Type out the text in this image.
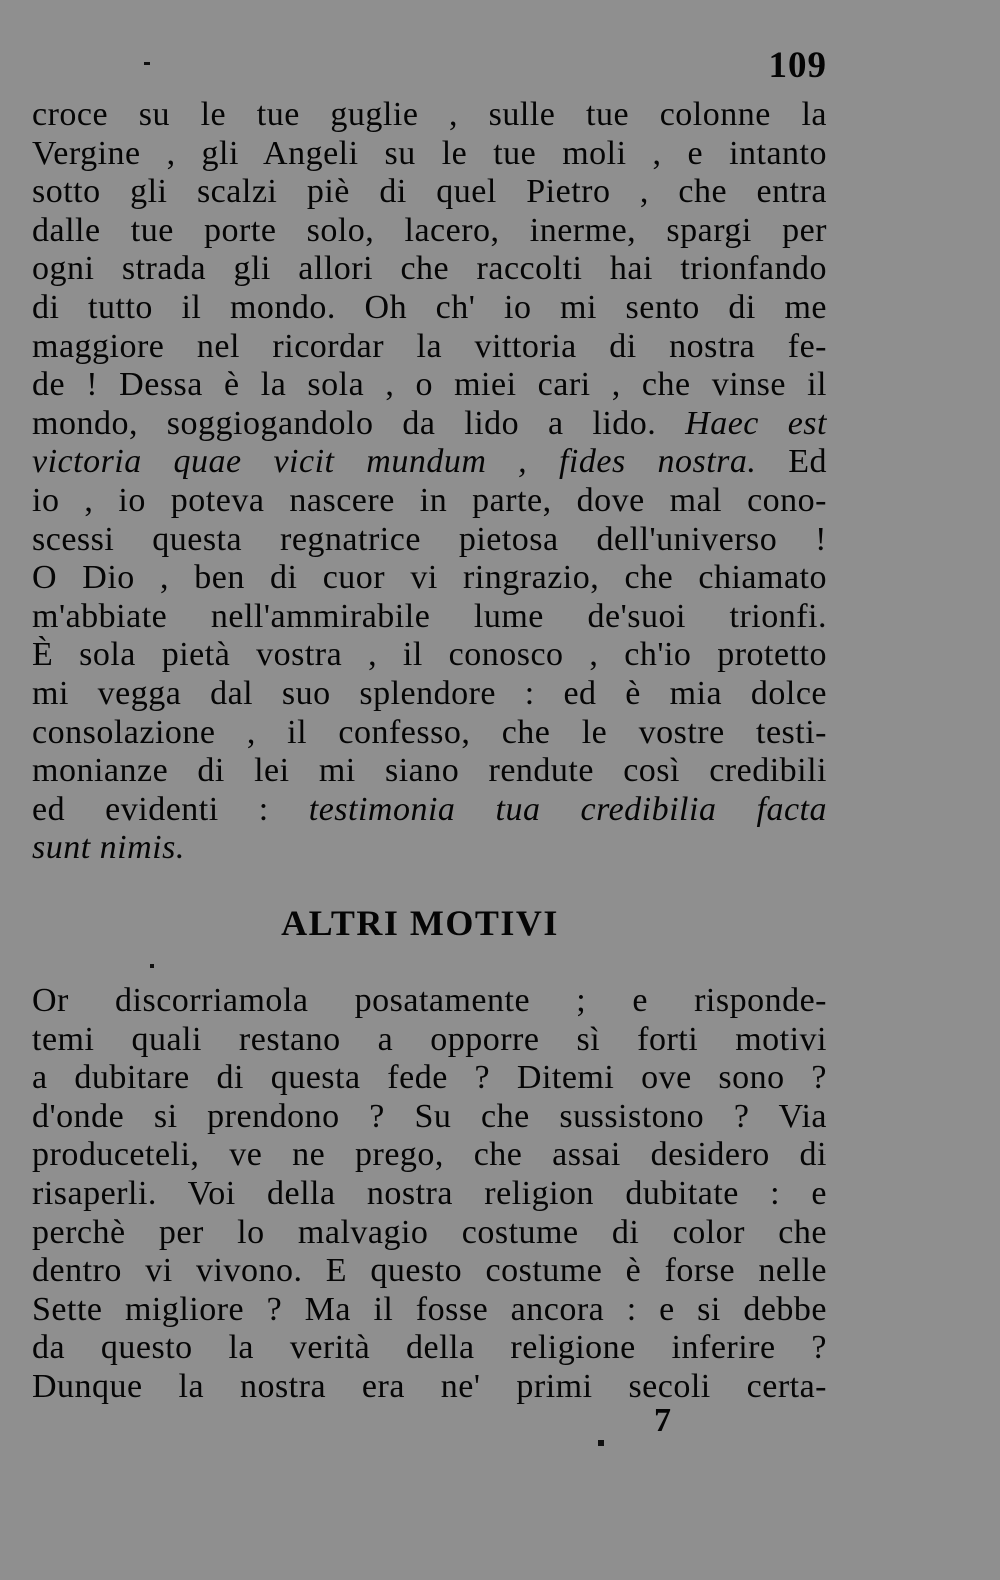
109
croce su le tue guglie , sulle tue colonne la
Vergine , gli Angeli su le tue moli , e intanto
sotto gli scalzi piè di quel Pietro , che entra
dalle tue porte solo, lacero, inerme, spargi per
ogni strada gli allori che raccolti hai trionfando
di tutto il mondo. Oh ch' io mi sento di me
maggiore nel ricordar la vittoria di nostra fe-
de ! Dessa è la sola , o miei cari , che vinse il
mondo, soggiogandolo da lido a lido. Haec est
victoria quae vicit mundum , fides nostra. Ed
io , io poteva nascere in parte, dove mal cono-
scessi questa regnatrice pietosa dell'universo !
O Dio , ben di cuor vi ringrazio, che chiamato
m'abbiate nell'ammirabile lume de'suoi trionfi.
È sola pietà vostra , il conosco , ch'io protetto
mi vegga dal suo splendore : ed è mia dolce
consolazione , il confesso, che le vostre testi-
monianze di lei mi siano rendute così credibili
ed evidenti : testimonia tua credibilia facta
sunt nimis.
ALTRI MOTIVI
Or discorriamola posatamente ; e risponde-
temi quali restano a opporre sì forti motivi
a dubitare di questa fede ? Ditemi ove sono ?
d'onde si prendono ? Su che sussistono ? Via
produceteli, ve ne prego, che assai desidero di
risaperli. Voi della nostra religion dubitate : e
perchè per lo malvagio costume di color che
dentro vi vivono. E questo costume è forse nelle
Sette migliore ? Ma il fosse ancora : e si debbe
da questo la verità della religione inferire ?
Dunque la nostra era ne' primi secoli certa-
7
